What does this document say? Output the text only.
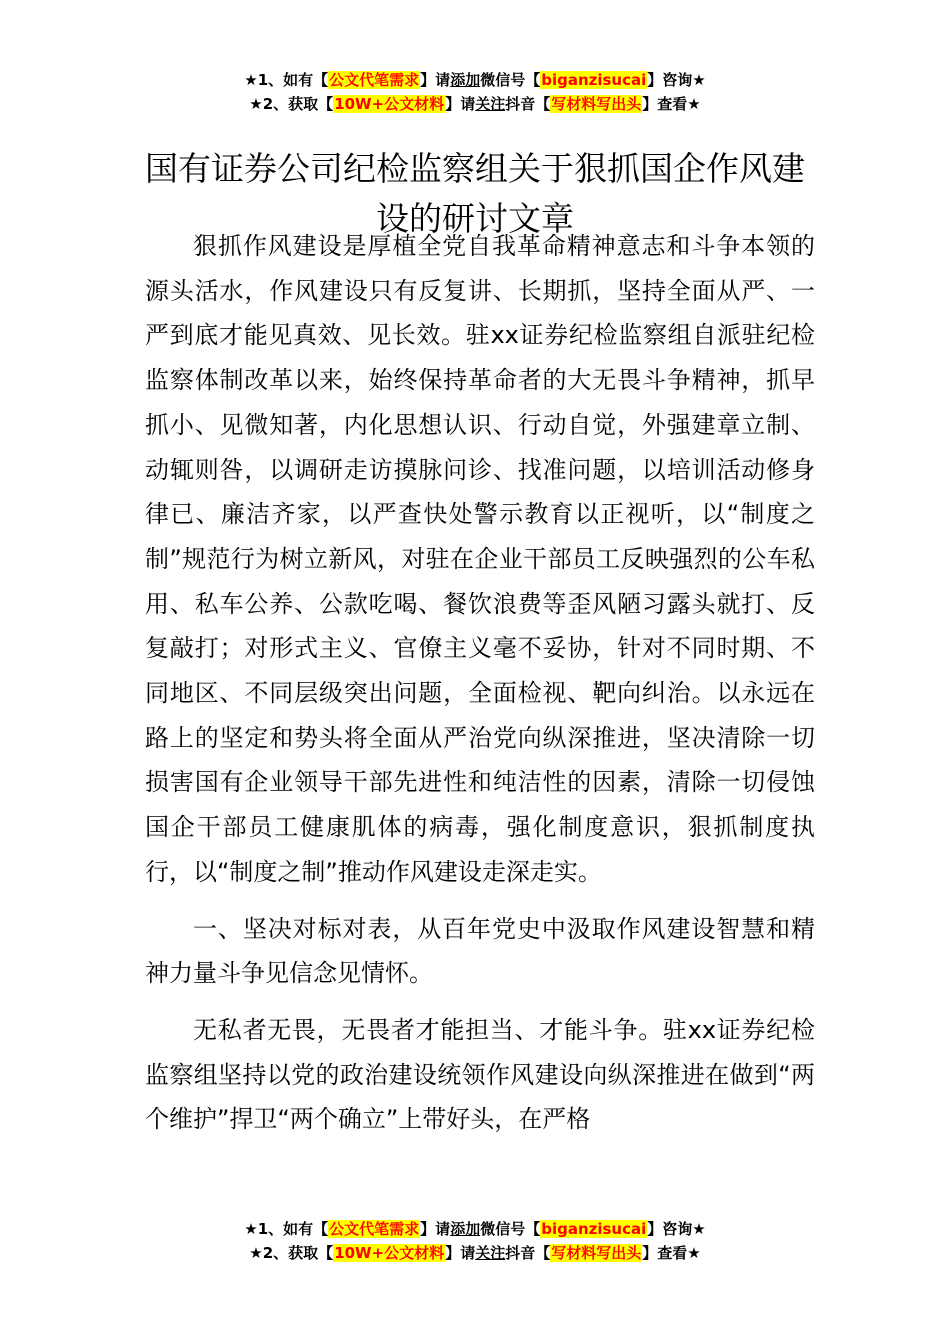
★1、如有【公文代笔需求】请添加微信号【biganzisucai】咨询★
★2、获取【10W+公文材料】请关注抖音【写材料写出头】查看★
国有证券公司纪检监察组关于狠抓国企作风建设的研讨文章

狠抓作风建设是厚植全党自我革命精神意志和斗争本领的源头活水，作风建设只有反复讲、长期抓，坚持全面从严、一严到底才能见真效、见长效。驻xx证券纪检监察组自派驻纪检监察体制改革以来，始终保持革命者的大无畏斗争精神，抓早抓小、见微知著，内化思想认识、行动自觉，外强建章立制、动辄则咎，以调研走访摸脉问诊、找准问题，以培训活动修身律已、廉洁齐家，以严查快处警示教育以正视听，以“制度之制”规范行为树立新风，对驻在企业干部员工反映强烈的公车私用、私车公养、公款吃喝、餐饮浪费等歪风陋习露头就打、反复敲打；对形式主义、官僚主义毫不妥协，针对不同时期、不同地区、不同层级突出问题，全面检视、靶向纠治。以永远在路上的坚定和势头将全面从严治党向纵深推进，坚决清除一切损害国有企业领导干部先进性和纯洁性的因素，清除一切侵蚀国企干部员工健康肌体的病毒，强化制度意识，狠抓制度执行，以“制度之制”推动作风建设走深走实。

一、坚决对标对表，从百年党史中汲取作风建设智慧和精神力量斗争见信念见情怀。

无私者无畏，无畏者才能担当、才能斗争。驻xx证券纪检监察组坚持以党的政治建设统领作风建设向纵深推进在做到“两个维护”捍卫“两个确立”上带好头，在严格

★1、如有【公文代笔需求】请添加微信号【biganzisucai】咨询★
★2、获取【10W+公文材料】请关注抖音【写材料写出头】查看★
